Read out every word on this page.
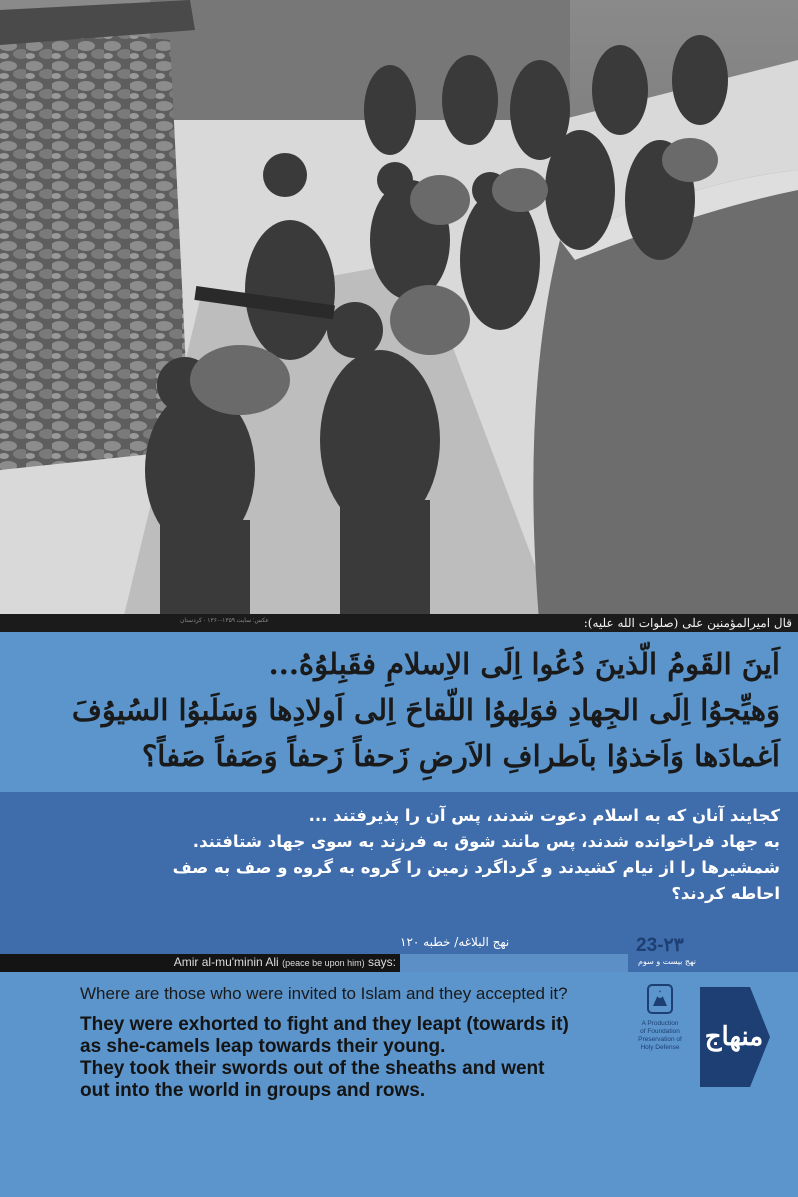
عکس: سایت ۱۳۵۹-۱۳۶۰ · کردستان	قال امیرالمؤمنین علی (صلوات الله علیه):
اَینَ القَومُ الّذینَ دُعُوا اِلَی الاِسلامِ فقَبِلوُهُ...
وَهیِّجوُا اِلَی الجِهادِ فوَلِهوُا اللّقاحَ اِلی اَولادِها وَسَلَبوُا السُیوُفَ
اَغمادَها وَاَخذوُا باَطرافِ الاَرضِ زَحفاً زَحفاً وَصَفاً صَفاً؟
کجایند آنان که به اسلام دعوت شدند، پس آن را پذیرفتند ...
به جهاد فراخوانده شدند، پس مانند شوق به فرزند به سوی جهاد شتافتند.
شمشیرها را از نیام کشیدند و گرداگرد زمین را گروه به گروه و صف به صف
احاطه کردند؟
نهج البلاغه/ خطبه ۱۲۰	23-۲۳
نهج بیست و سوم
Amir al-mu'minin Ali (peace be upon him) says:
Where are those who were invited to Islam and they accepted it?
They were exhorted to fight and they leapt (towards it)
as she-camels leap towards their young.
They took their swords out of the sheaths and went
out into the world in groups and rows.
A Production
of Foundation
Preservation of
Holy Defense منهاج
